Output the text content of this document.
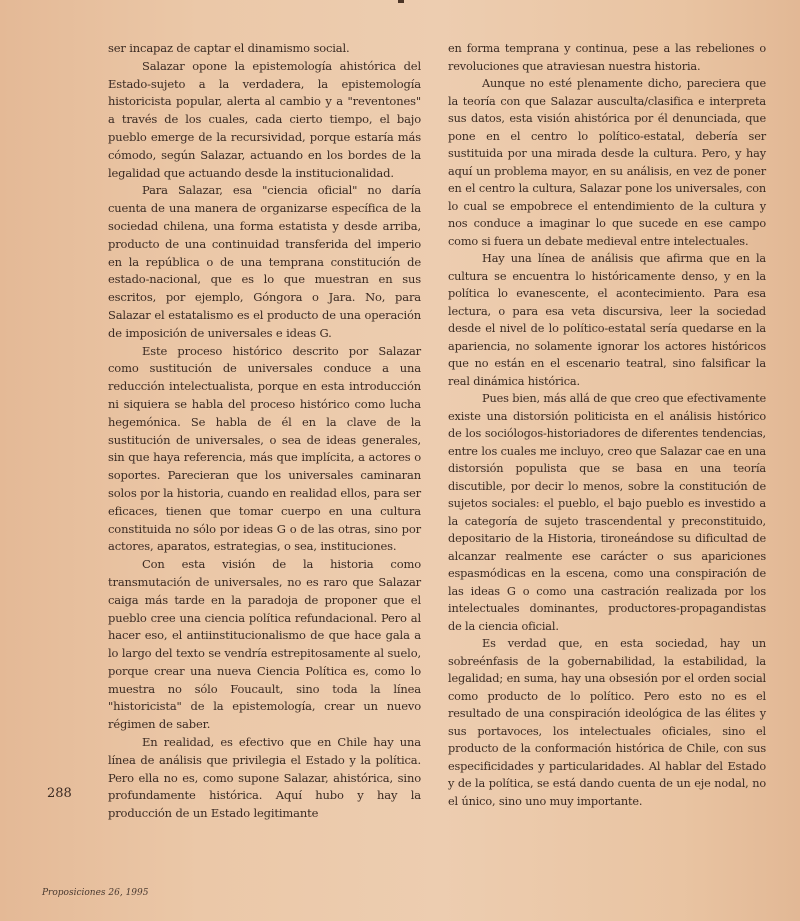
ser incapaz de captar el dinamismo social.

Salazar opone la epistemología ahistórica del Estado-sujeto a la verdadera, la epistemología historicista popular, alerta al cambio y a "reventones" a través de los cuales, cada cierto tiempo, el bajo pueblo emerge de la recursividad, porque estaría más cómodo, según Salazar, actuando en los bordes de la legalidad que actuando desde la institucionalidad.

Para Salazar, esa "ciencia oficial" no daría cuenta de una manera de organizarse específica de la sociedad chilena, una forma estatista y desde arriba, producto de una continuidad transferida del imperio en la república o de una temprana constitución de estado-nacional, que es lo que muestran en sus escritos, por ejemplo, Góngora o Jara. No, para Salazar el estatalismo es el producto de una operación de imposición de universales e ideas G.

Este proceso histórico descrito por Salazar como sustitución de universales conduce a una reducción intelectualista, porque en esta introducción ni siquiera se habla del proceso histórico como lucha hegemónica. Se habla de él en la clave de la sustitución de universales, o sea de ideas generales, sin que haya referencia, más que implícita, a actores o soportes. Parecieran que los universales caminaran solos por la historia, cuando en realidad ellos, para ser eficaces, tienen que tomar cuerpo en una cultura constituida no sólo por ideas G o de las otras, sino por actores, aparatos, estrategias, o sea, instituciones.

Con esta visión de la historia como transmutación de universales, no es raro que Salazar caiga más tarde en la paradoja de proponer que el pueblo cree una ciencia política refundacional. Pero al hacer eso, el antiinstitucionalismo de que hace gala a lo largo del texto se vendría estrepitosamente al suelo, porque crear una nueva Ciencia Política es, como lo muestra no sólo Foucault, sino toda la línea "historicista" de la epistemología, crear un nuevo régimen de saber.

En realidad, es efectivo que en Chile hay una línea de análisis que privilegia el Estado y la política. Pero ella no es, como supone Salazar, ahistórica, sino profundamente histórica. Aquí hubo y hay la producción de un Estado legitimante

en forma temprana y continua, pese a las rebeliones o revoluciones que atraviesan nuestra historia.

Aunque no esté plenamente dicho, pareciera que la teoría con que Salazar ausculta/clasifica e interpreta sus datos, esta visión ahistórica por él denunciada, que pone en el centro lo político-estatal, debería ser sustituida por una mirada desde la cultura. Pero, y hay aquí un problema mayor, en su análisis, en vez de poner en el centro la cultura, Salazar pone los universales, con lo cual se empobrece el entendimiento de la cultura y nos conduce a imaginar lo que sucede en ese campo como si fuera un debate medieval entre intelectuales.

Hay una línea de análisis que afirma que en la cultura se encuentra lo históricamente denso, y en la política lo evanescente, el acontecimiento. Para esa lectura, o para esa veta discursiva, leer la sociedad desde el nivel de lo político-estatal sería quedarse en la apariencia, no solamente ignorar los actores históricos que no están en el escenario teatral, sino falsificar la real dinámica histórica.

Pues bien, más allá de que creo que efectivamente existe una distorsión politicista en el análisis histórico de los sociólogos-historiadores de diferentes tendencias, entre los cuales me incluyo, creo que Salazar cae en una distorsión populista que se basa en una teoría discutible, por decir lo menos, sobre la constitución de sujetos sociales: el pueblo, el bajo pueblo es investido a la categoría de sujeto trascendental y preconstituido, depositario de la Historia, tironeándose su dificultad de alcanzar realmente ese carácter o sus apariciones espasmódicas en la escena, como una conspiración de las ideas G o como una castración realizada por los intelectuales dominantes, productores-propagandistas de la ciencia oficial.

Es verdad que, en esta sociedad, hay un sobreénfasis de la gobernabilidad, la estabilidad, la legalidad; en suma, hay una obsesión por el orden social como producto de lo político. Pero esto no es el resultado de una conspiración ideológica de las élites y sus portavoces, los intelectuales oficiales, sino el producto de la conformación histórica de Chile, con sus especificidades y particularidades. Al hablar del Estado y de la política, se está dando cuenta de un eje nodal, no el único, sino uno muy importante.

288
Proposiciones 26, 1995
